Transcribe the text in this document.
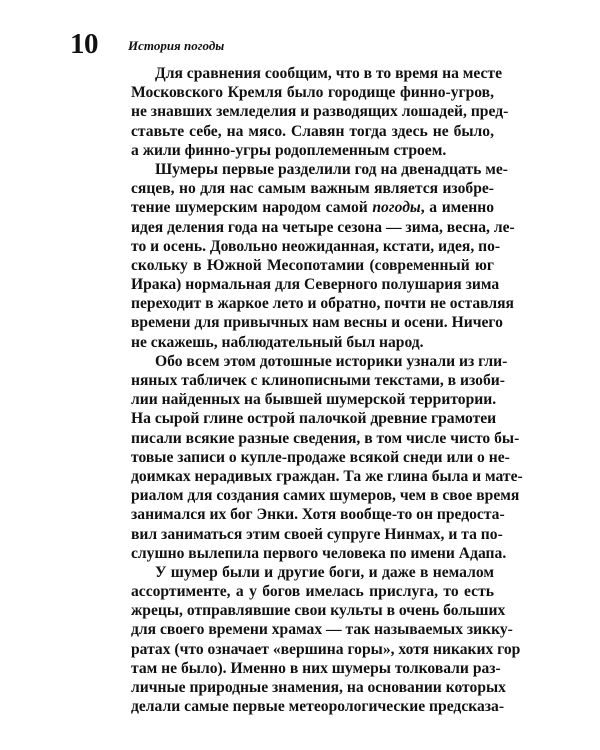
10 История погоды
Для сравнения сообщим, что в то время на месте
Московского Кремля было городище финно-угров,
не знавших земледелия и разводящих лошадей, пред-
ставьте себе, на мясо. Славян тогда здесь не было,
а жили финно-угры родоплеменным строем.
Шумеры первые разделили год на двенадцать ме-
сяцев, но для нас самым важным является изобре-
тение шумерским народом самой погоды, а именно
идея деления года на четыре сезона — зима, весна, ле-
то и осень. Довольно неожиданная, кстати, идея, по-
скольку в Южной Месопотамии (современный юг
Ирака) нормальная для Северного полушария зима
переходит в жаркое лето и обратно, почти не оставляя
времени для привычных нам весны и осени. Ничего
не скажешь, наблюдательный был народ.
Обо всем этом дотошные историки узнали из гли-
няных табличек с клинописными текстами, в изоби-
лии найденных на бывшей шумерской территории.
На сырой глине острой палочкой древние грамотеи
писали всякие разные сведения, в том числе чисто бы-
товые записи о купле-продаже всякой снеди или о не-
доимках нерадивых граждан. Та же глина была и мате-
риалом для создания самих шумеров, чем в свое время
занимался их бог Энки. Хотя вообще-то он предоста-
вил заниматься этим своей супруге Нинмах, и та по-
слушно вылепила первого человека по имени Адапа.
У шумер были и другие боги, и даже в немалом
ассортименте, а у богов имелась прислуга, то есть
жрецы, отправлявшие свои культы в очень больших
для своего времени храмах — так называемых зикку-
ратах (что означает «вершина горы», хотя никаких гор
там не было). Именно в них шумеры толковали раз-
личные природные знамения, на основании которых
делали самые первые метеорологические предсказа-
